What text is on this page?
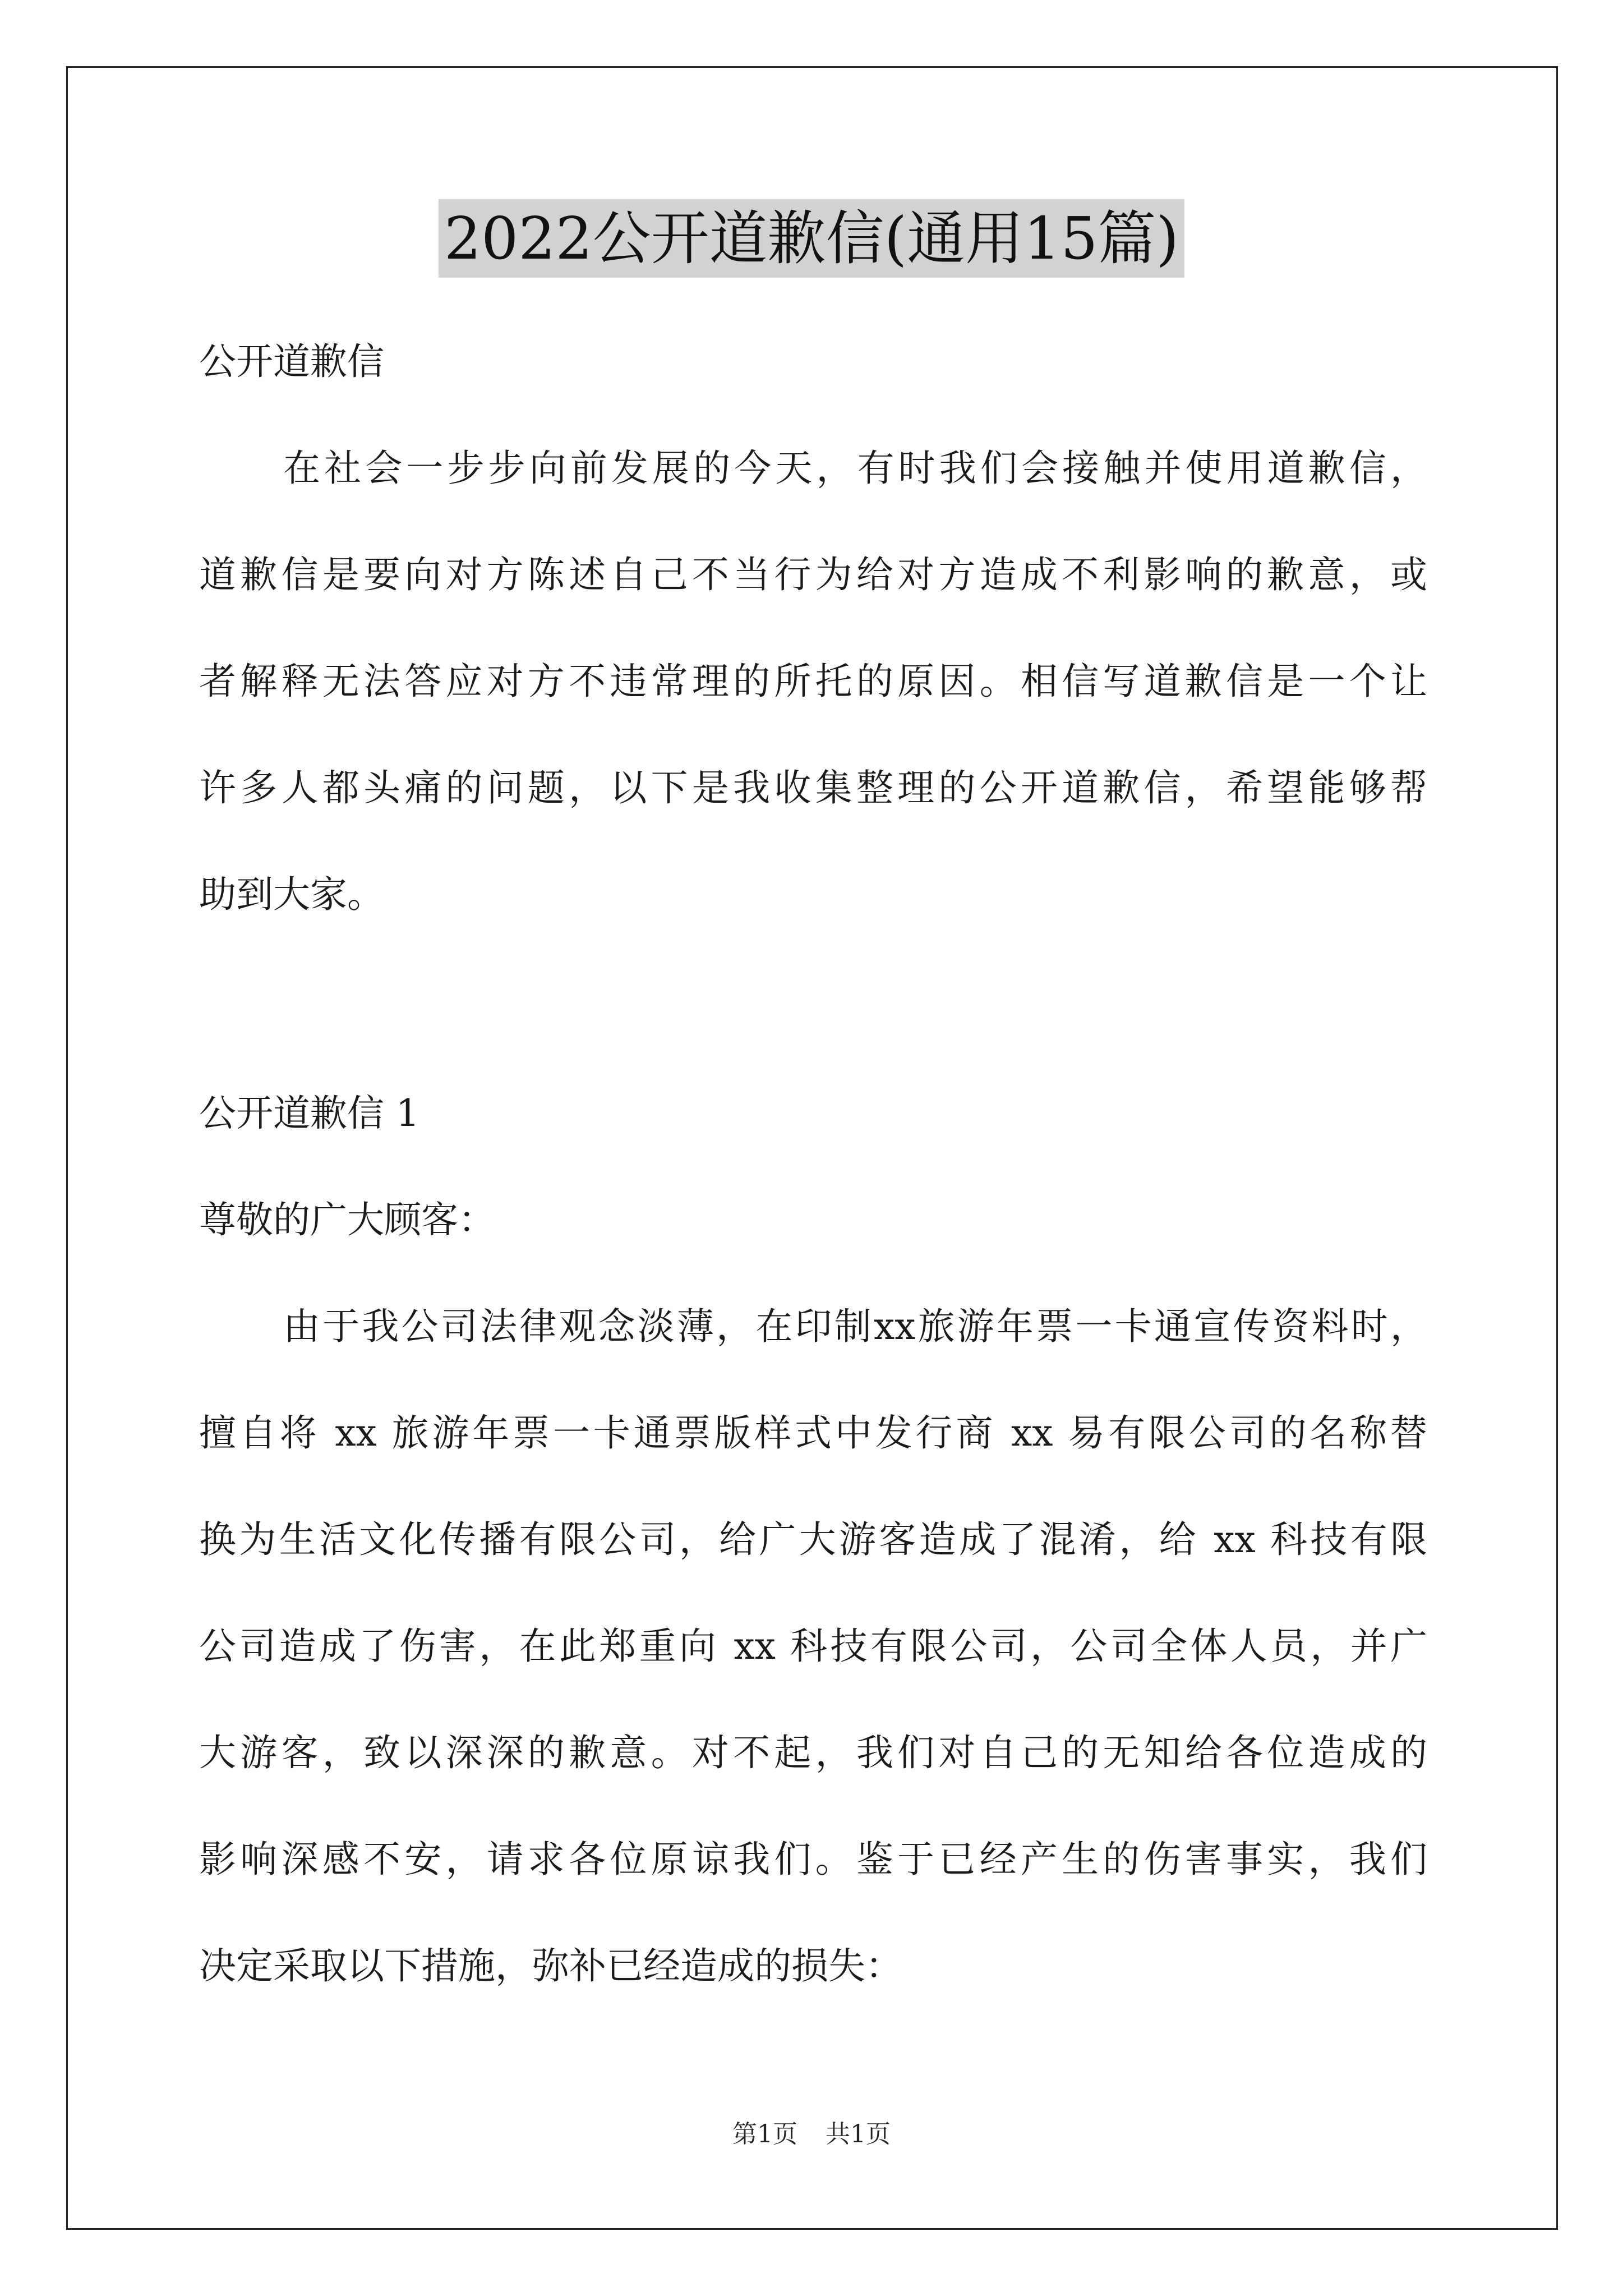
2022公开道歉信(通用15篇)
公开道歉信
在社会一步步向前发展的今天，有时我们会接触并使用道歉信，
道歉信是要向对方陈述自己不当行为给对方造成不利影响的歉意，或
者解释无法答应对方不违常理的所托的原因。相信写道歉信是一个让
许多人都头痛的问题，以下是我收集整理的公开道歉信，希望能够帮
助到大家。
公开道歉信 1
尊敬的广大顾客：
由于我公司法律观念淡薄，在印制xx旅游年票一卡通宣传资料时，
擅自将 xx 旅游年票一卡通票版样式中发行商 xx 易有限公司的名称替
换为生活文化传播有限公司，给广大游客造成了混淆，给 xx 科技有限
公司造成了伤害，在此郑重向 xx 科技有限公司，公司全体人员，并广
大游客，致以深深的歉意。对不起，我们对自己的无知给各位造成的
影响深感不安，请求各位原谅我们。鉴于已经产生的伤害事实，我们
决定采取以下措施，弥补已经造成的损失：
第1页 共1页
